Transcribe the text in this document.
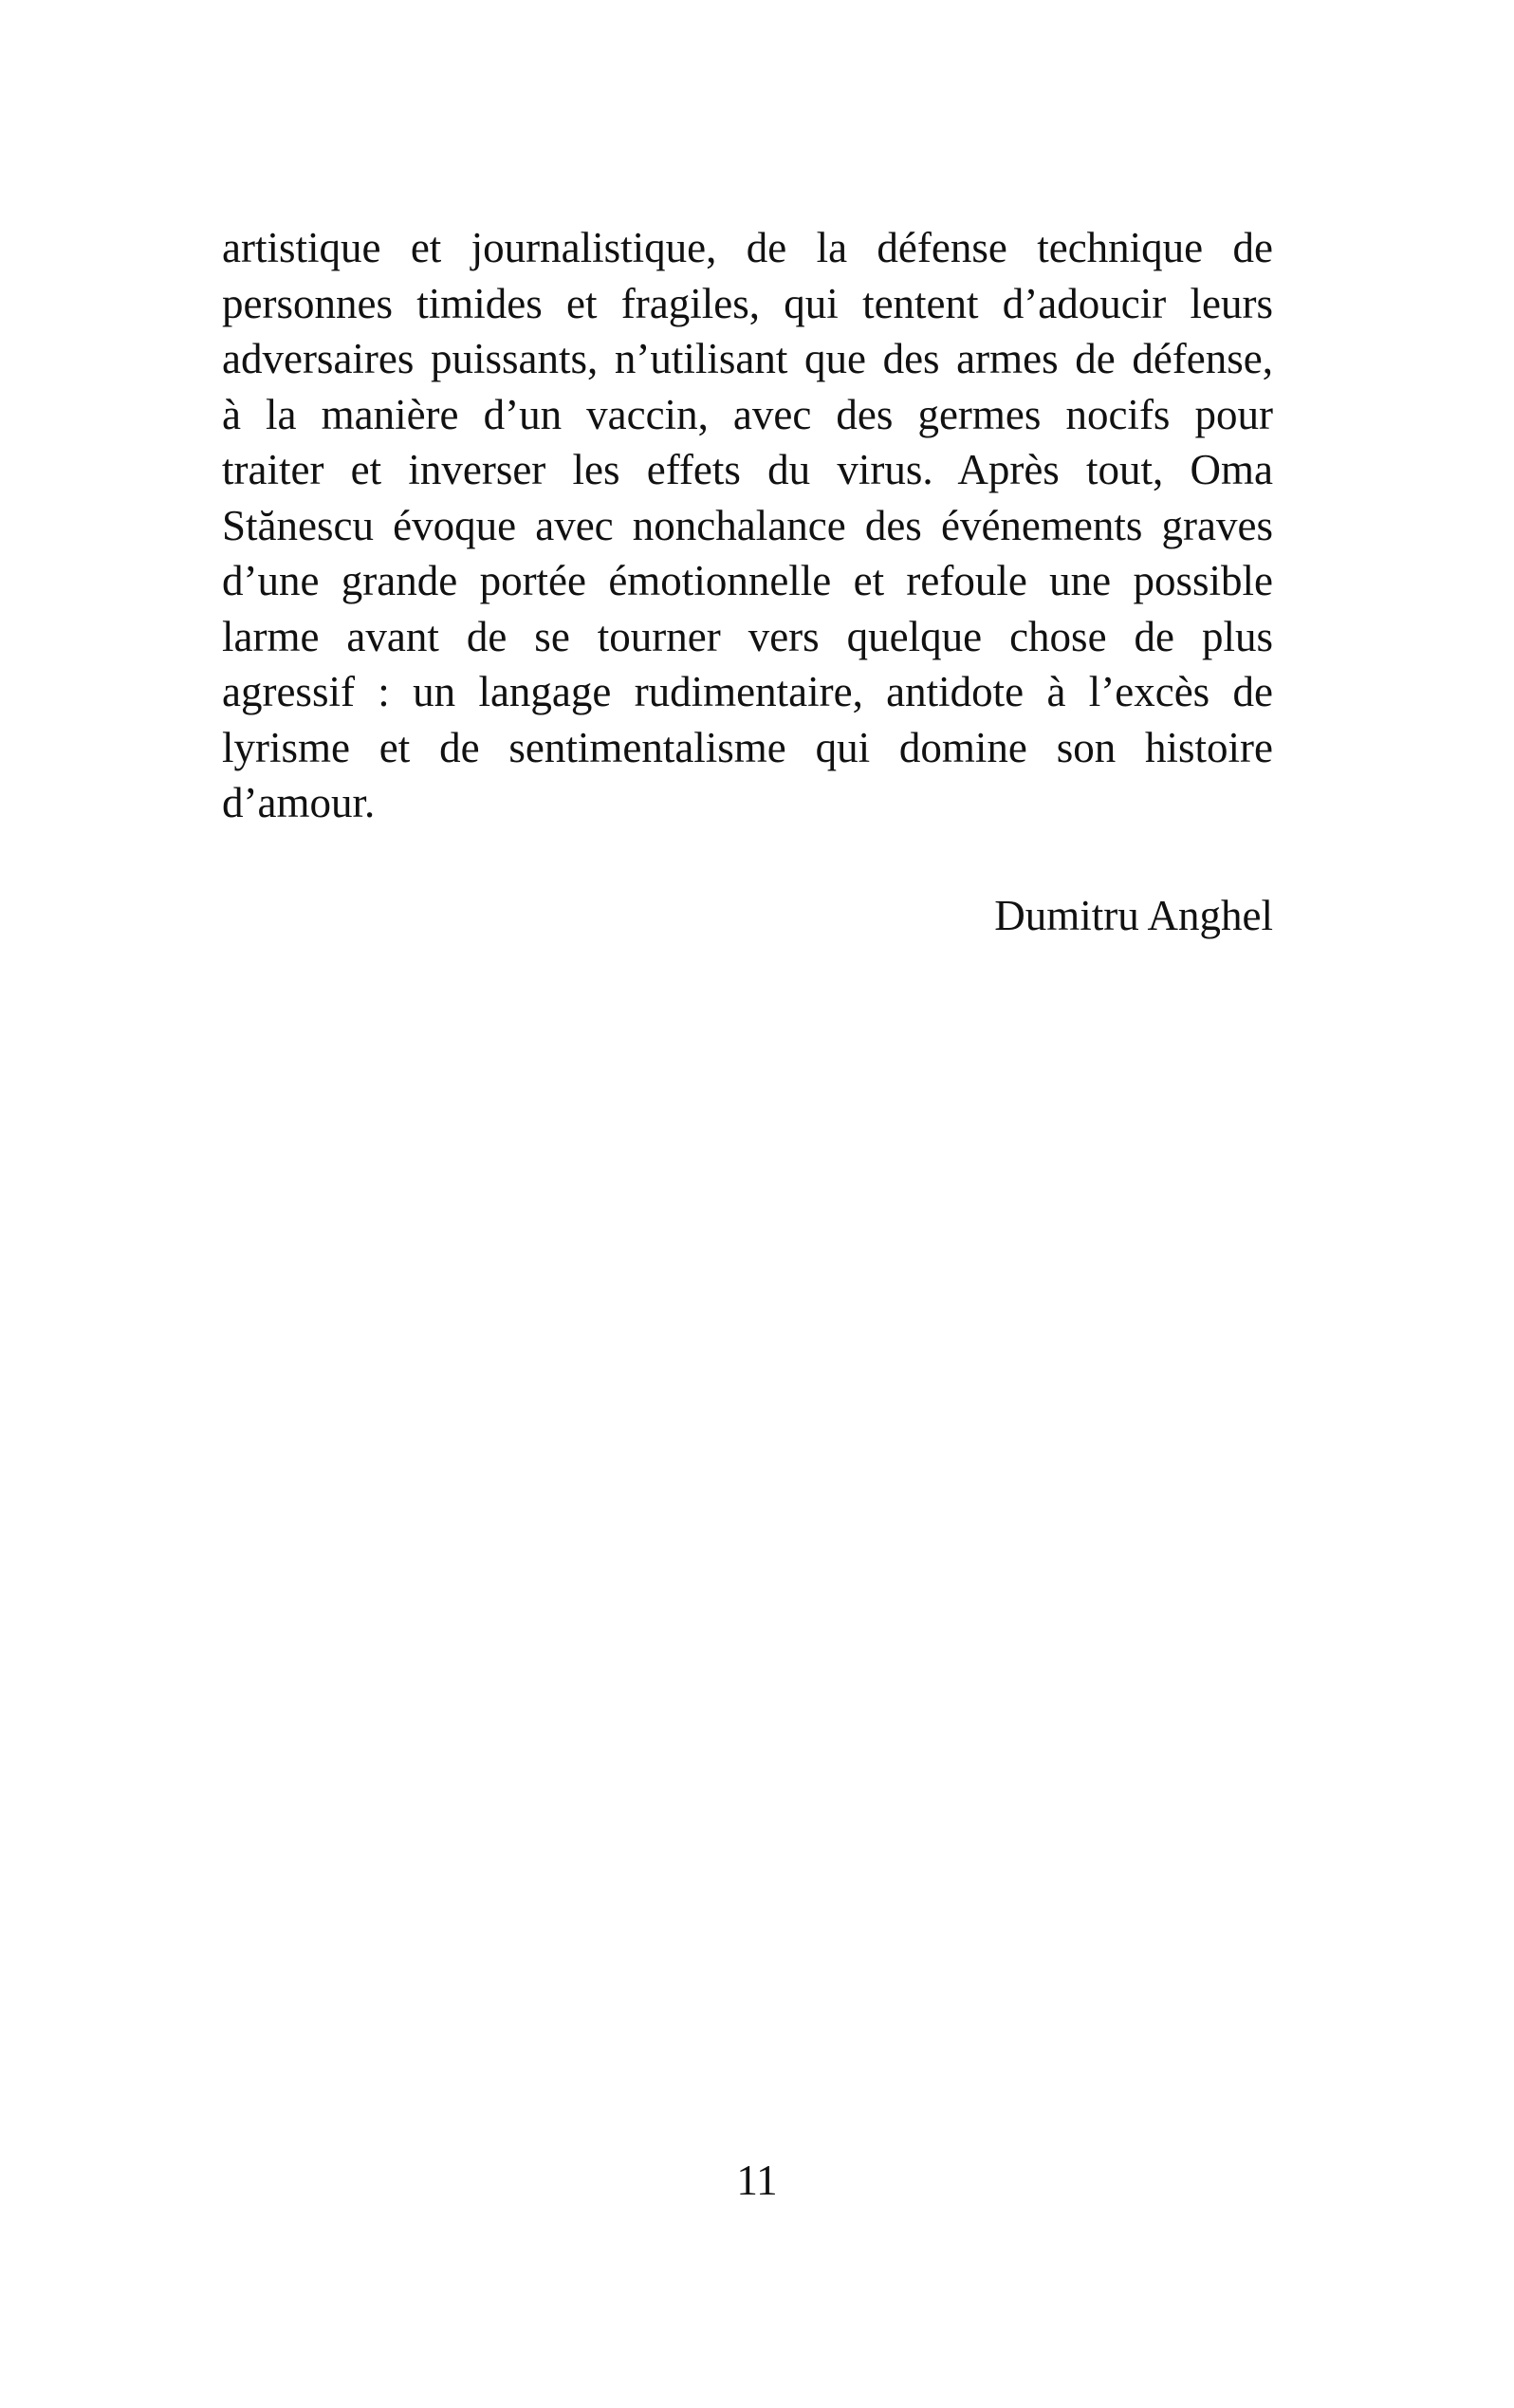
artistique et journalistique, de la défense technique de
personnes timides et fragiles, qui tentent d’adoucir leurs
adversaires puissants, n’utilisant que des armes de défense,
à la manière d’un vaccin, avec des germes nocifs pour
traiter et inverser les effets du virus. Après tout, Oma
Stănescu évoque avec nonchalance des événements graves
d’une grande portée émotionnelle et refoule une possible
larme avant de se tourner vers quelque chose de plus
agressif : un langage rudimentaire, antidote à l’excès de
lyrisme et de sentimentalisme qui domine son histoire
d’amour.
Dumitru Anghel
11
